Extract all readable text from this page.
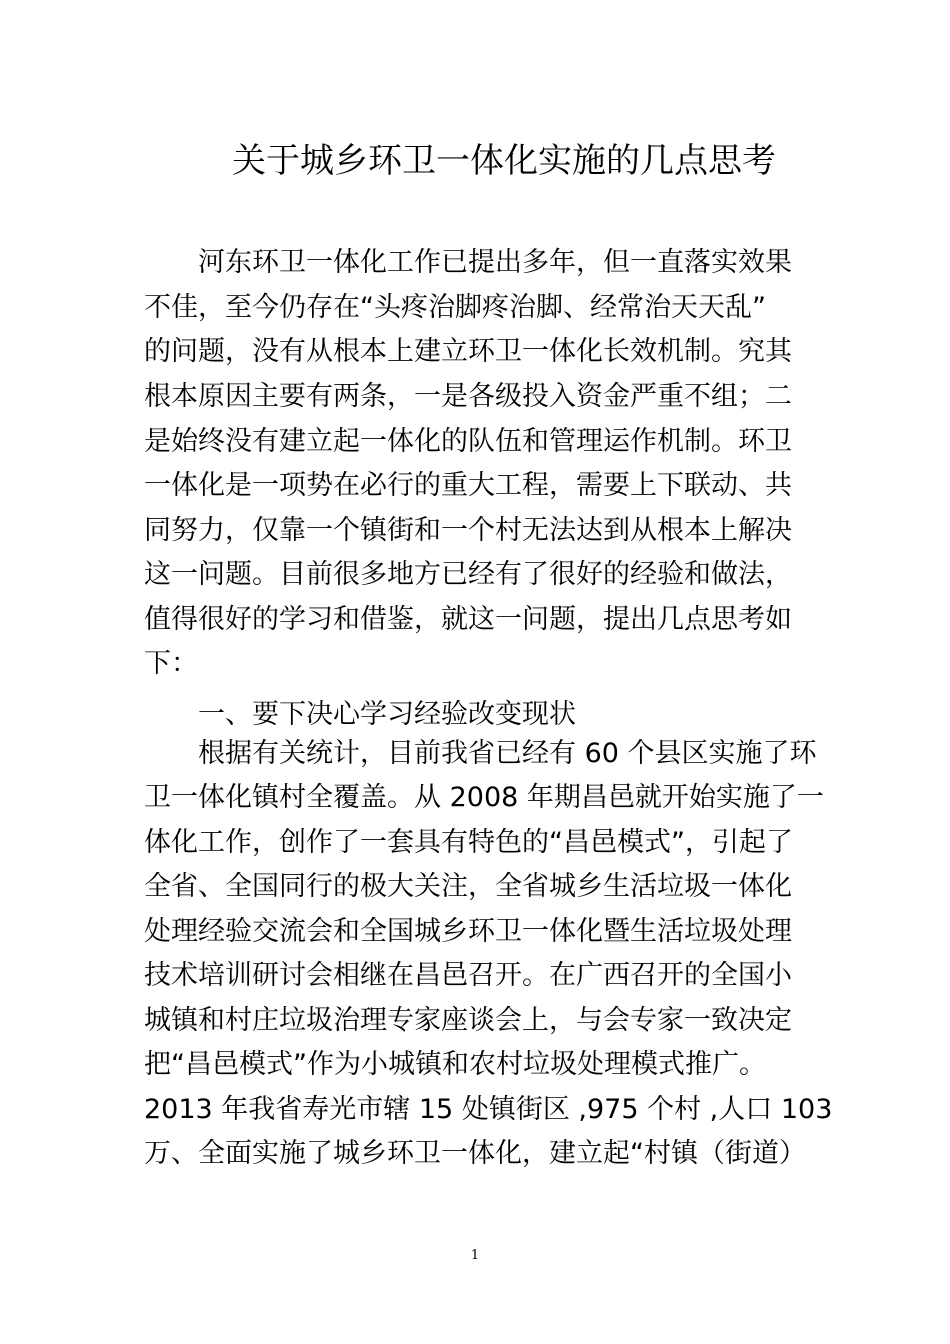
关于城乡环卫一体化实施的几点思考
河东环卫一体化工作已提出多年，但一直落实效果
不佳，至今仍存在“头疼治脚疼治脚、经常治天天乱”
的问题，没有从根本上建立环卫一体化长效机制。究其
根本原因主要有两条，一是各级投入资金严重不组；二
是始终没有建立起一体化的队伍和管理运作机制。环卫
一体化是一项势在必行的重大工程，需要上下联动、共
同努力，仅靠一个镇街和一个村无法达到从根本上解决
这一问题。目前很多地方已经有了很好的经验和做法，
值得很好的学习和借鉴，就这一问题，提出几点思考如
下：
一、要下决心学习经验改变现状
根据有关统计，目前我省已经有 60 个县区实施了环
卫一体化镇村全覆盖。从 2008 年期昌邑就开始实施了一
体化工作，创作了一套具有特色的“昌邑模式”，引起了
全省、全国同行的极大关注，全省城乡生活垃圾一体化
处理经验交流会和全国城乡环卫一体化暨生活垃圾处理
技术培训研讨会相继在昌邑召开。在广西召开的全国小
城镇和村庄垃圾治理专家座谈会上，与会专家一致决定
把“昌邑模式”作为小城镇和农村垃圾处理模式推广。
2013 年我省寿光市辖 15 处镇街区 ,975 个村 ,人口 103
万、全面实施了城乡环卫一体化，建立起“村镇（街道）
1
